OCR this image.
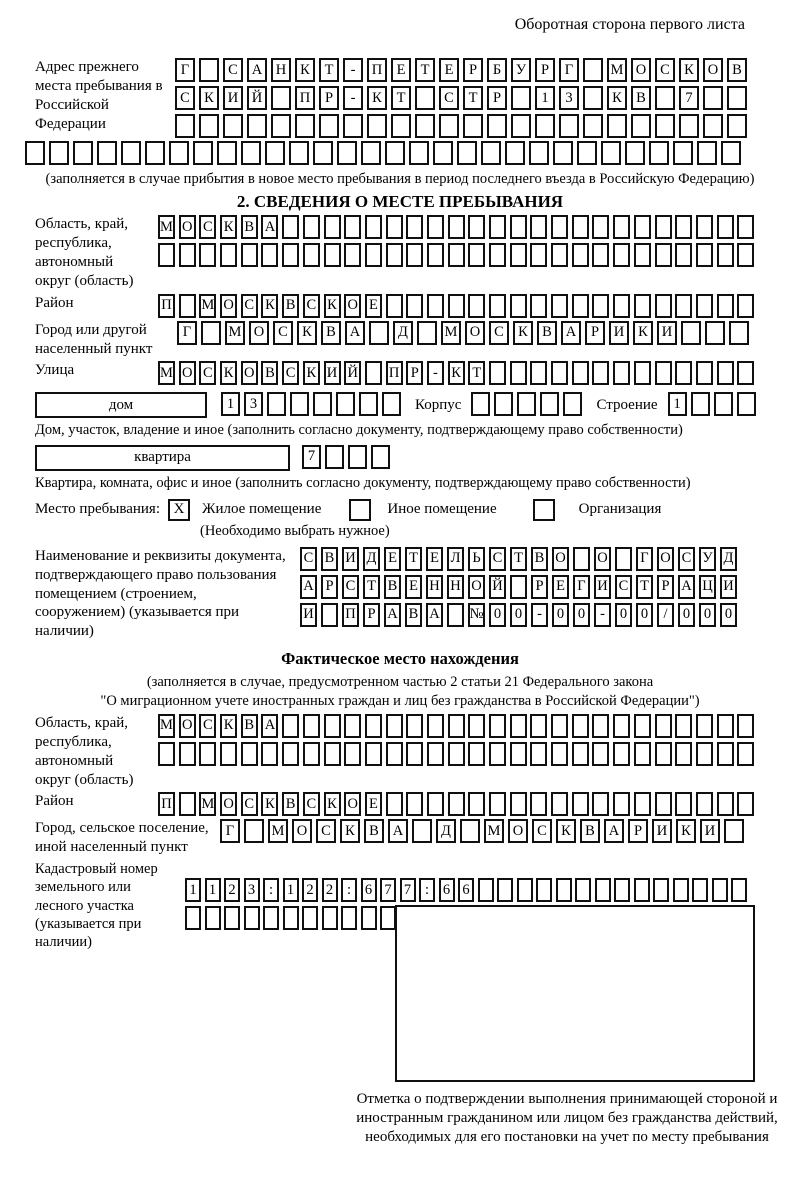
Оборотная сторона первого листа
Адрес прежнего места пребывания в Российской Федерации
Г	С А Н К	Т	-	П Е	Т	Е	Р	Б	У	Р	Г	М О С К О В
С К И Й	П	Р	-	К	Т	С	Т	Р	1	3	К В	7
(заполняется в случае прибытия в новое место пребывания в период последнего въезда в Российскую Федерацию)
2. СВЕДЕНИЯ О МЕСТЕ ПРЕБЫВАНИЯ
Область, край, республика, автономный округ (область)
М О С К В А
Район	П М О С К В С К О Е
Город или другой населенный пункт
Г	М О С К В А	Д	М О С К В А	Р	И К И
Улица	М О С К О В С К И Й П Р - К Т
дом	1	3	Корпус	Строение	1
Дом, участок, владение и иное (заполнить согласно документу, подтверждающему право собственности)
квартира	7
Квартира, комната, офис и иное (заполнить согласно документу, подтверждающему право собственности)
Место пребывания: X	Жилое помещение	Иное помещение	Организация
(Необходимо выбрать нужное)
Наименование и реквизиты документа, подтверждающего право пользования помещением (строением, сооружением) (указывается при наличии)
С В И Д Е Т Е Л Ь С Т В О О Г О С У Д
А Р С Т В Е Н Н О Й	Р Е Г И С Т Р А Ц И
И П Р А В А № 0 0	-	0 0	-	0 0	/	0 0 0
Фактическое место нахождения
(заполняется в случае, предусмотренном частью 2 статьи 21 Федерального закона
"О миграционном учете иностранных граждан и лиц без гражданства в Российской Федерации")
Область, край, республика, автономный округ (область)
М О С К В А
Район	П М О С К В С К О Е
Город, сельское поселение, иной населенный пункт
Г	М О С К В А	Д	М О С К В А	Р	И К И
Кадастровый номер земельного или лесного участка (указывается при наличии)
1 1 2 3 : 1 2 2 : 6 7 7 : 6 6
Отметка о подтверждении выполнения принимающей стороной и иностранным гражданином или лицом без гражданства действий, необходимых для его постановки на учет по месту пребывания
